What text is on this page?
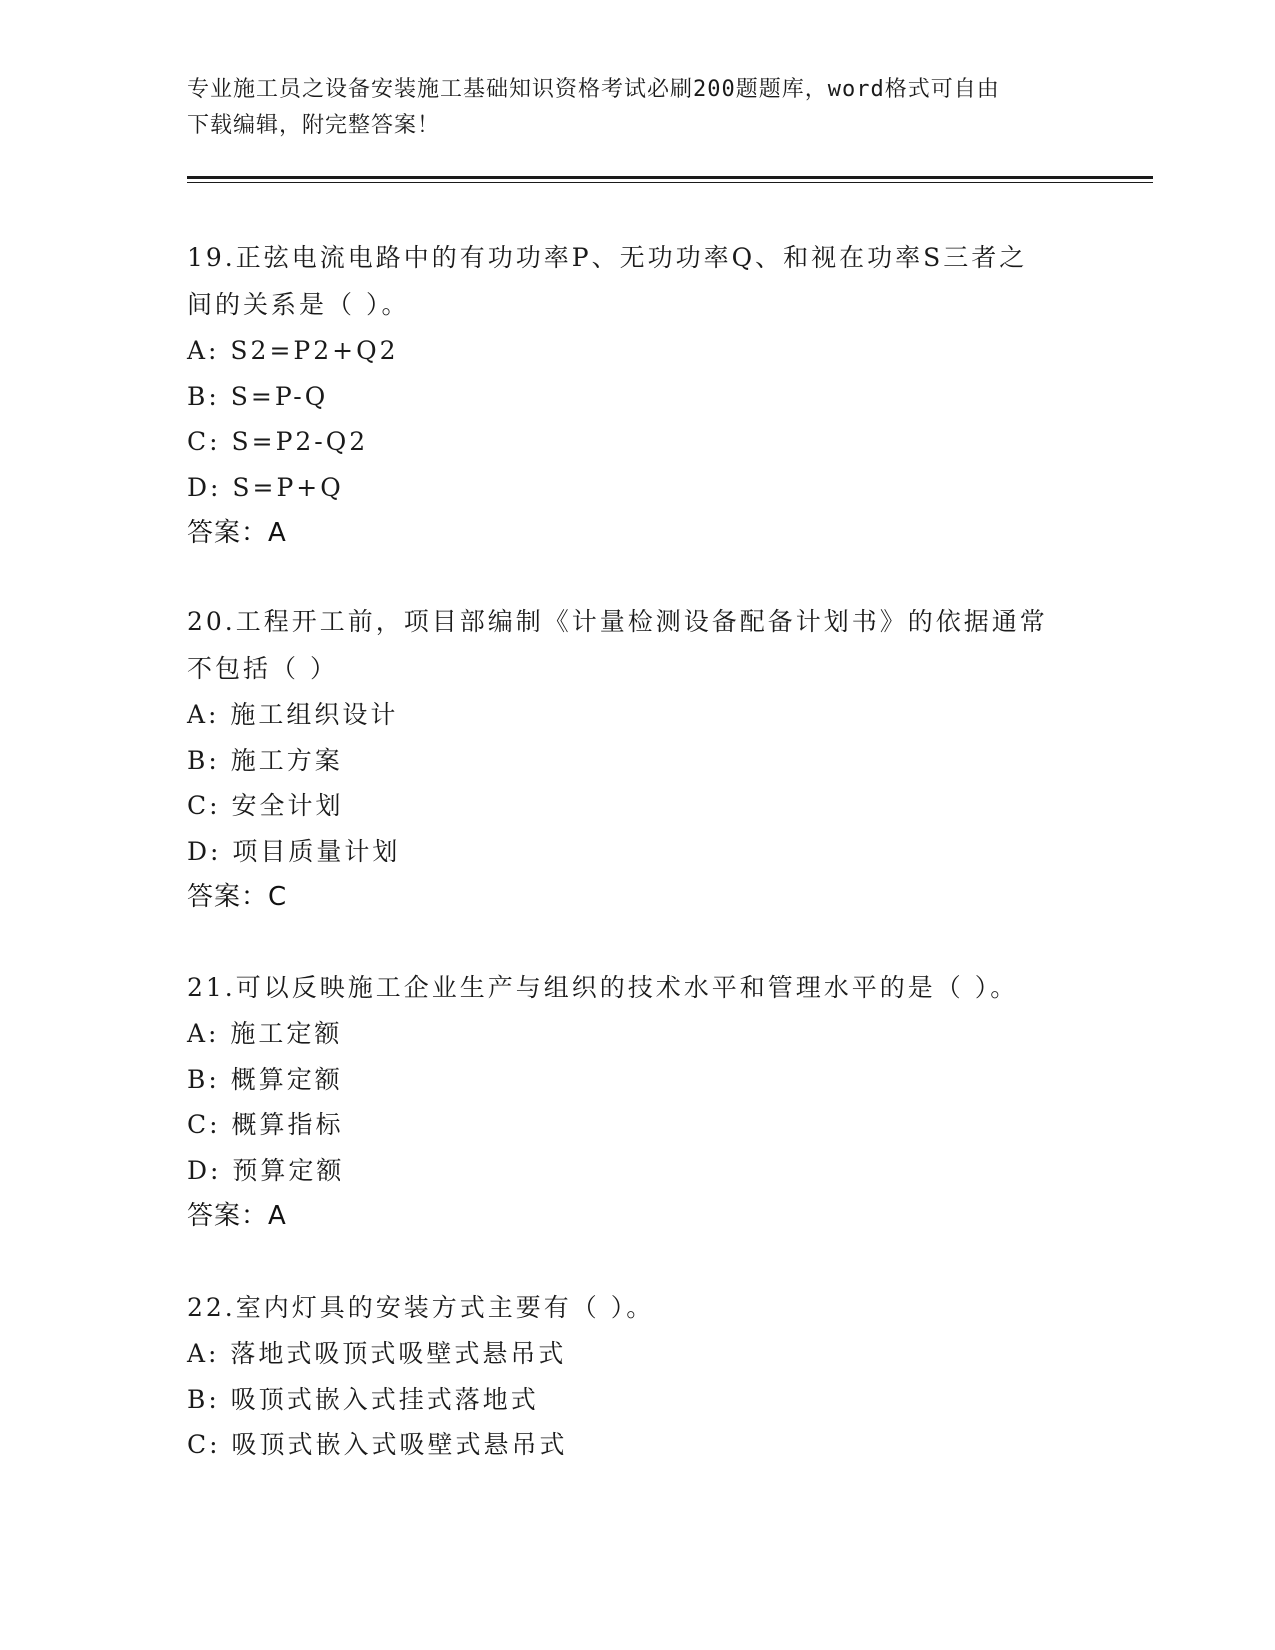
专业施工员之设备安装施工基础知识资格考试必刷200题题库，word格式可自由
下载编辑，附完整答案！
19.正弦电流电路中的有功功率P、无功功率Q、和视在功率S三者之
间的关系是（ ）。
A: S2=P2+Q2
B: S=P-Q
C: S=P2-Q2
D: S=P+Q
答案：A
20.工程开工前，项目部编制《计量检测设备配备计划书》的依据通常
不包括（ ）
A: 施工组织设计
B: 施工方案
C: 安全计划
D: 项目质量计划
答案：C
21.可以反映施工企业生产与组织的技术水平和管理水平的是（ ）。
A: 施工定额
B: 概算定额
C: 概算指标
D: 预算定额
答案：A
22.室内灯具的安装方式主要有（ ）。
A: 落地式吸顶式吸壁式悬吊式
B: 吸顶式嵌入式挂式落地式
C: 吸顶式嵌入式吸壁式悬吊式
